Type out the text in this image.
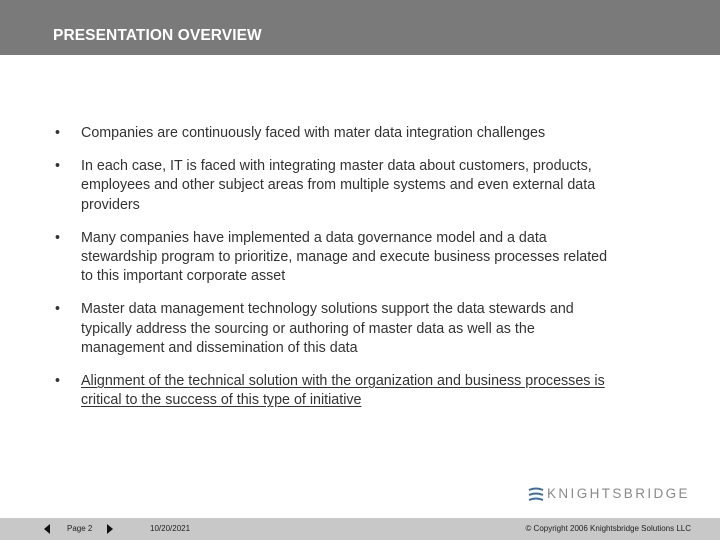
PRESENTATION OVERVIEW
• Companies are continuously faced with mater data integration challenges
• In each case, IT is faced with integrating master data about customers, products, employees and other subject areas from multiple systems and even external data providers
• Many companies have implemented a data governance model and a data stewardship program to prioritize, manage and execute business processes related to this important corporate asset
• Master data management technology solutions support the data stewards and typically address the sourcing or authoring of master data as well as the management and dissemination of this data
• Alignment of the technical solution with the organization and business processes is critical to the success of this type of initiative
KNIGHTSBRIDGE
Page 2	10/20/2021	© Copyright 2006 Knightsbridge Solutions LLC
